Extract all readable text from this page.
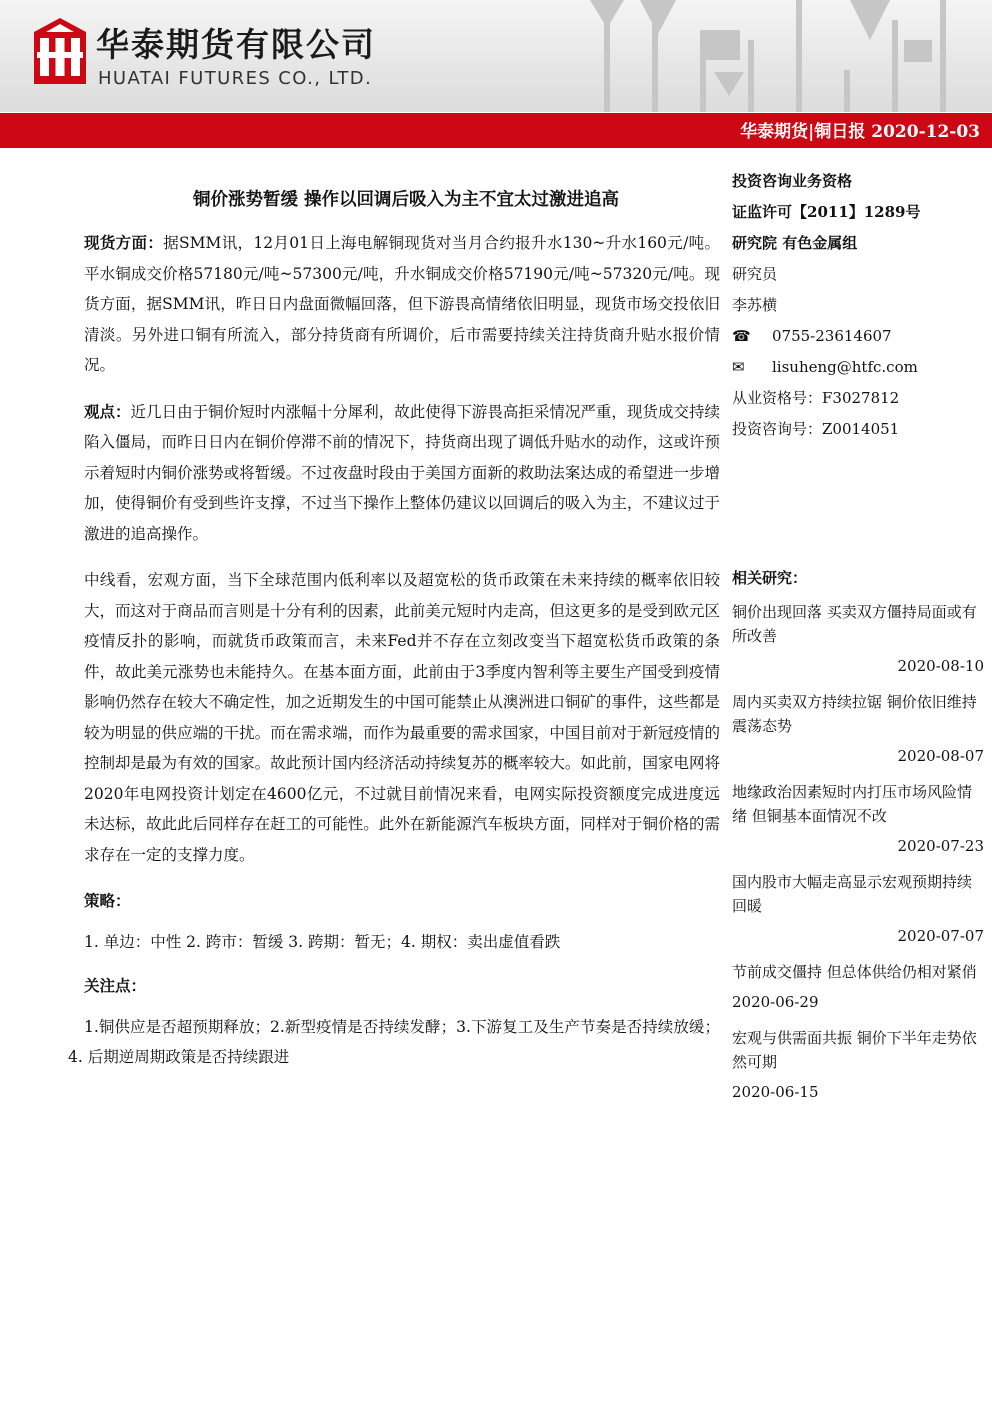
华泰期货有限公司

HUATAI FUTURES CO., LTD.

华泰期货|铜日报 2020-12-03

铜价涨势暂缓 操作以回调后吸入为主不宜太过激进追高

现货方面：据SMM讯，12月01日上海电解铜现货对当月合约报升水130~升水160元/吨。平水铜成交价格57180元/吨~57300元/吨，升水铜成交价格57190元/吨~57320元/吨。现货方面，据SMM讯，昨日日内盘面微幅回落，但下游畏高情绪依旧明显，现货市场交投依旧清淡。另外进口铜有所流入，部分持货商有所调价，后市需要持续关注持货商升贴水报价情况。

观点：近几日由于铜价短时内涨幅十分犀利，故此使得下游畏高拒采情况严重，现货成交持续陷入僵局，而昨日日内在铜价停滞不前的情况下，持货商出现了调低升贴水的动作，这或许预示着短时内铜价涨势或将暂缓。不过夜盘时段由于美国方面新的救助法案达成的希望进一步增加，使得铜价有受到些许支撑，不过当下操作上整体仍建议以回调后的吸入为主，不建议过于激进的追高操作。

中线看，宏观方面，当下全球范围内低利率以及超宽松的货币政策在未来持续的概率依旧较大，而这对于商品而言则是十分有利的因素，此前美元短时内走高，但这更多的是受到欧元区疫情反扑的影响，而就货币政策而言，未来Fed并不存在立刻改变当下超宽松货币政策的条件，故此美元涨势也未能持久。在基本面方面，此前由于3季度内智利等主要生产国受到疫情影响仍然存在较大不确定性，加之近期发生的中国可能禁止从澳洲进口铜矿的事件，这些都是较为明显的供应端的干扰。而在需求端，而作为最重要的需求国家，中国目前对于新冠疫情的控制却是最为有效的国家。故此预计国内经济活动持续复苏的概率较大。如此前，国家电网将2020年电网投资计划定在4600亿元，不过就目前情况来看，电网实际投资额度完成进度远未达标，故此此后同样存在赶工的可能性。此外在新能源汽车板块方面，同样对于铜价格的需求存在一定的支撑力度。

策略：

1. 单边：中性 2. 跨市：暂缓 3. 跨期：暂无；4. 期权：卖出虚值看跌

关注点：

1.铜供应是否超预期释放；2.新型疫情是否持续发酵；3.下游复工及生产节奏是否持续放缓；4. 后期逆周期政策是否持续跟进

投资咨询业务资格

证监许可【2011】1289号

研究院 有色金属组

研究员

李苏横

☎	0755-23614607

✉	lisuheng@htfc.com

从业资格号：F3027812

投资咨询号：Z0014051

相关研究：

铜价出现回落 买卖双方僵持局面或有所改善

2020-08-10

周内买卖双方持续拉锯 铜价依旧维持震荡态势

2020-08-07

地缘政治因素短时内打压市场风险情绪 但铜基本面情况不改

2020-07-23

国内股市大幅走高显示宏观预期持续回暖

2020-07-07

节前成交僵持 但总体供给仍相对紧俏

2020-06-29

宏观与供需面共振 铜价下半年走势依然可期

2020-06-15
